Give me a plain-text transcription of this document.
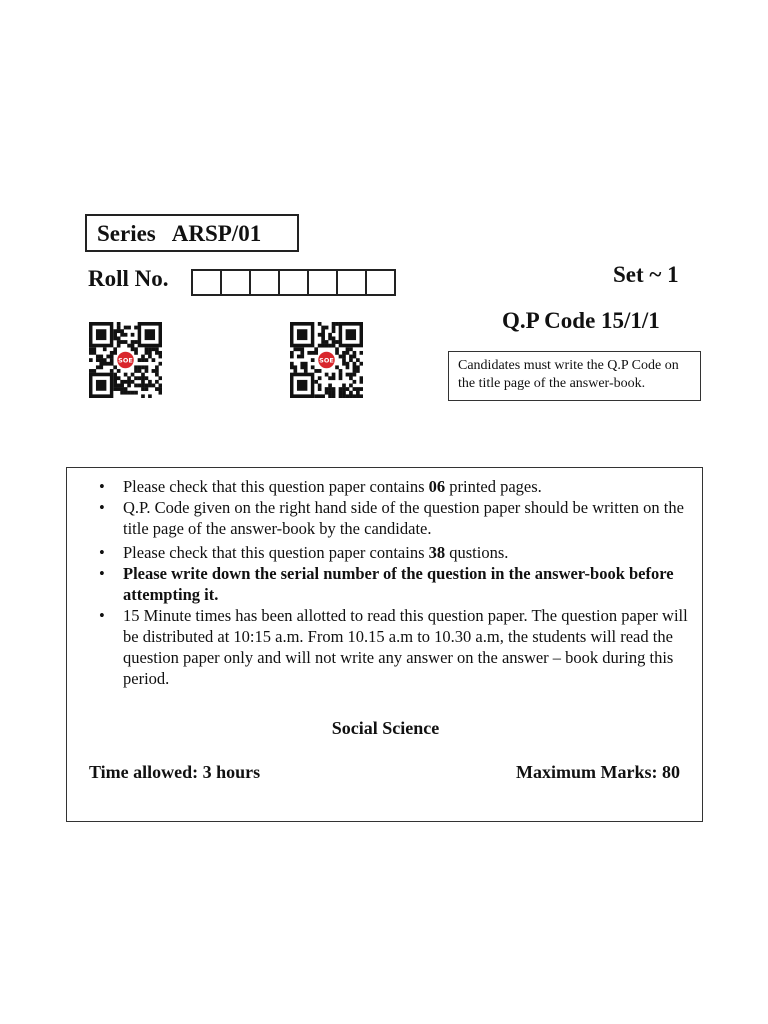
Series   ARSP/01
Roll No.	Set ~ 1
Q.P Code 15/1/1
Candidates must write the Q.P Code on the title page of the answer-book.
SOE	SOE
• Please check that this question paper contains 06 printed pages.
• Q.P. Code given on the right hand side of the question paper should be written on the title page of the answer-book by the candidate.
• Please check that this question paper contains 38 qustions.
• Please write down the serial number of the question in the answer-book before attempting it.
• 15 Minute times has been allotted to read this question paper. The question paper will be distributed at 10:15 a.m. From 10.15 a.m to 10.30 a.m, the students will read the question paper only and will not write any answer on the answer – book during this period.
Social Science
Time allowed: 3 hours	Maximum Marks: 80
